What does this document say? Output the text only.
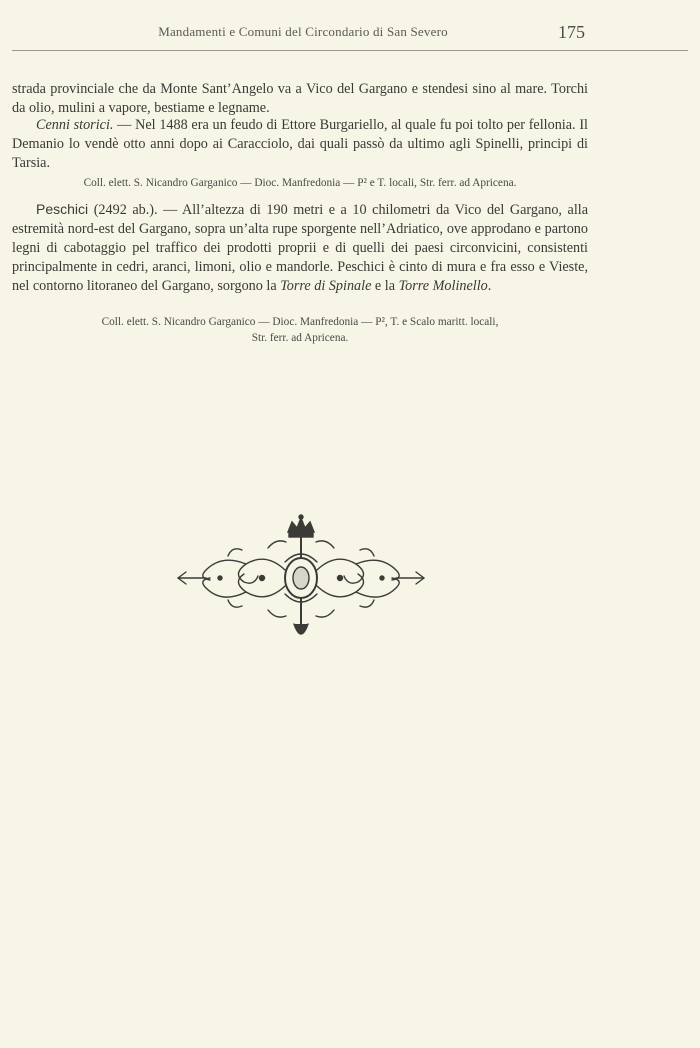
Mandamenti e Comuni del Circondario di San Severo	175
strada provinciale che da Monte Sant’Angelo va a Vico del Gargano e stendesi sino al mare. Torchi da olio, mulini a vapore, bestiame e legname.
Cenni storici. — Nel 1488 era un feudo di Ettore Burgariello, al quale fu poi tolto per fellonia. Il Demanio lo vendè otto anni dopo ai Caracciolo, dai quali passò da ultimo agli Spinelli, principi di Tarsia.
Coll. elett. S. Nicandro Garganico — Dioc. Manfredonia — P² e T. locali, Str. ferr. ad Apricena.
Peschici (2492 ab.). — All’altezza di 190 metri e a 10 chilometri da Vico del Gargano, alla estremità nord-est del Gargano, sopra un’alta rupe sporgente nell’Adriatico, ove approdano e partono legni di cabotaggio pel traffico dei prodotti proprii e di quelli dei paesi circonvicini, consistenti principalmente in cedri, aranci, limoni, olio e mandorle. Peschici è cinto di mura e fra esso e Vieste, nel contorno litoraneo del Gargano, sorgono la Torre di Spinale e la Torre Molinello.
Coll. elett. S. Nicandro Garganico — Dioc. Manfredonia — P², T. e Scalo maritt. locali,
Str. ferr. ad Apricena.
